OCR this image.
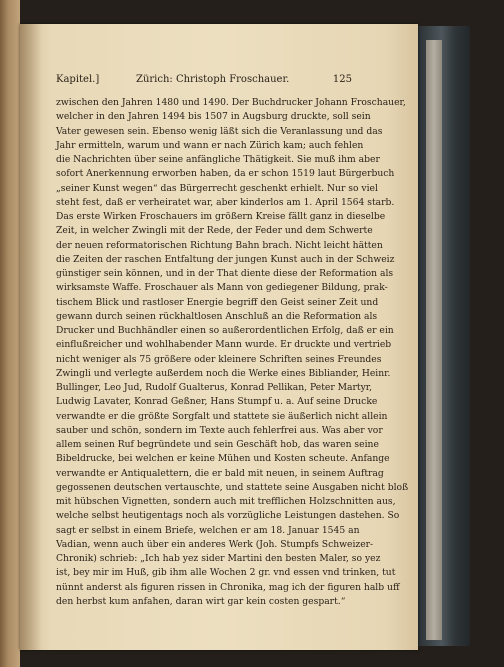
Kapitel.]	Zürich: Christoph Froschauer.	125
zwischen den Jahren 1480 und 1490. Der Buchdrucker Johann Froschauer,
welcher in den Jahren 1494 bis 1507 in Augsburg druckte, soll sein
Vater gewesen sein. Ebenso wenig läßt sich die Veranlassung und das
Jahr ermitteln, warum und wann er nach Zürich kam; auch fehlen
die Nachrichten über seine anfängliche Thätigkeit. Sie muß ihm aber
sofort Anerkennung erworben haben, da er schon 1519 laut Bürgerbuch
„seiner Kunst wegen“ das Bürgerrecht geschenkt erhielt. Nur so viel
steht fest, daß er verheiratet war, aber kinderlos am 1. April 1564 starb.
Das erste Wirken Froschauers im größern Kreise fällt ganz in dieselbe
Zeit, in welcher Zwingli mit der Rede, der Feder und dem Schwerte
der neuen reformatorischen Richtung Bahn brach. Nicht leicht hätten
die Zeiten der raschen Entfaltung der jungen Kunst auch in der Schweiz
günstiger sein können, und in der That diente diese der Reformation als
wirksamste Waffe. Froschauer als Mann von gediegener Bildung, prak-
tischem Blick und rastloser Energie begriff den Geist seiner Zeit und
gewann durch seinen rückhaltlosen Anschluß an die Reformation als
Drucker und Buchhändler einen so außerordentlichen Erfolg, daß er ein
einflußreicher und wohlhabender Mann wurde. Er druckte und vertrieb
nicht weniger als 75 größere oder kleinere Schriften seines Freundes
Zwingli und verlegte außerdem noch die Werke eines Bibliander, Heinr.
Bullinger, Leo Jud, Rudolf Gualterus, Konrad Pellikan, Peter Martyr,
Ludwig Lavater, Konrad Geßner, Hans Stumpf u. a. Auf seine Drucke
verwandte er die größte Sorgfalt und stattete sie äußerlich nicht allein
sauber und schön, sondern im Texte auch fehlerfrei aus. Was aber vor
allem seinen Ruf begründete und sein Geschäft hob, das waren seine
Bibeldrucke, bei welchen er keine Mühen und Kosten scheute. Anfange
verwandte er Antiqualettern, die er bald mit neuen, in seinem Auftrag
gegossenen deutschen vertauschte, und stattete seine Ausgaben nicht bloß
mit hübschen Vignetten, sondern auch mit trefflichen Holzschnitten aus,
welche selbst heutigentags noch als vorzügliche Leistungen dastehen. So
sagt er selbst in einem Briefe, welchen er am 18. Januar 1545 an
Vadian, wenn auch über ein anderes Werk (Joh. Stumpfs Schweizer-
Chronik) schrieb: „Ich hab yez sider Martini den besten Maler, so yez
ist, bey mir im Huß, gib ihm alle Wochen 2 gr. vnd essen vnd trinken, tut
nünnt anderst als figuren rissen in Chronika, mag ich der figuren halb uff
den herbst kum anfahen, daran wirt gar kein costen gespart.“
